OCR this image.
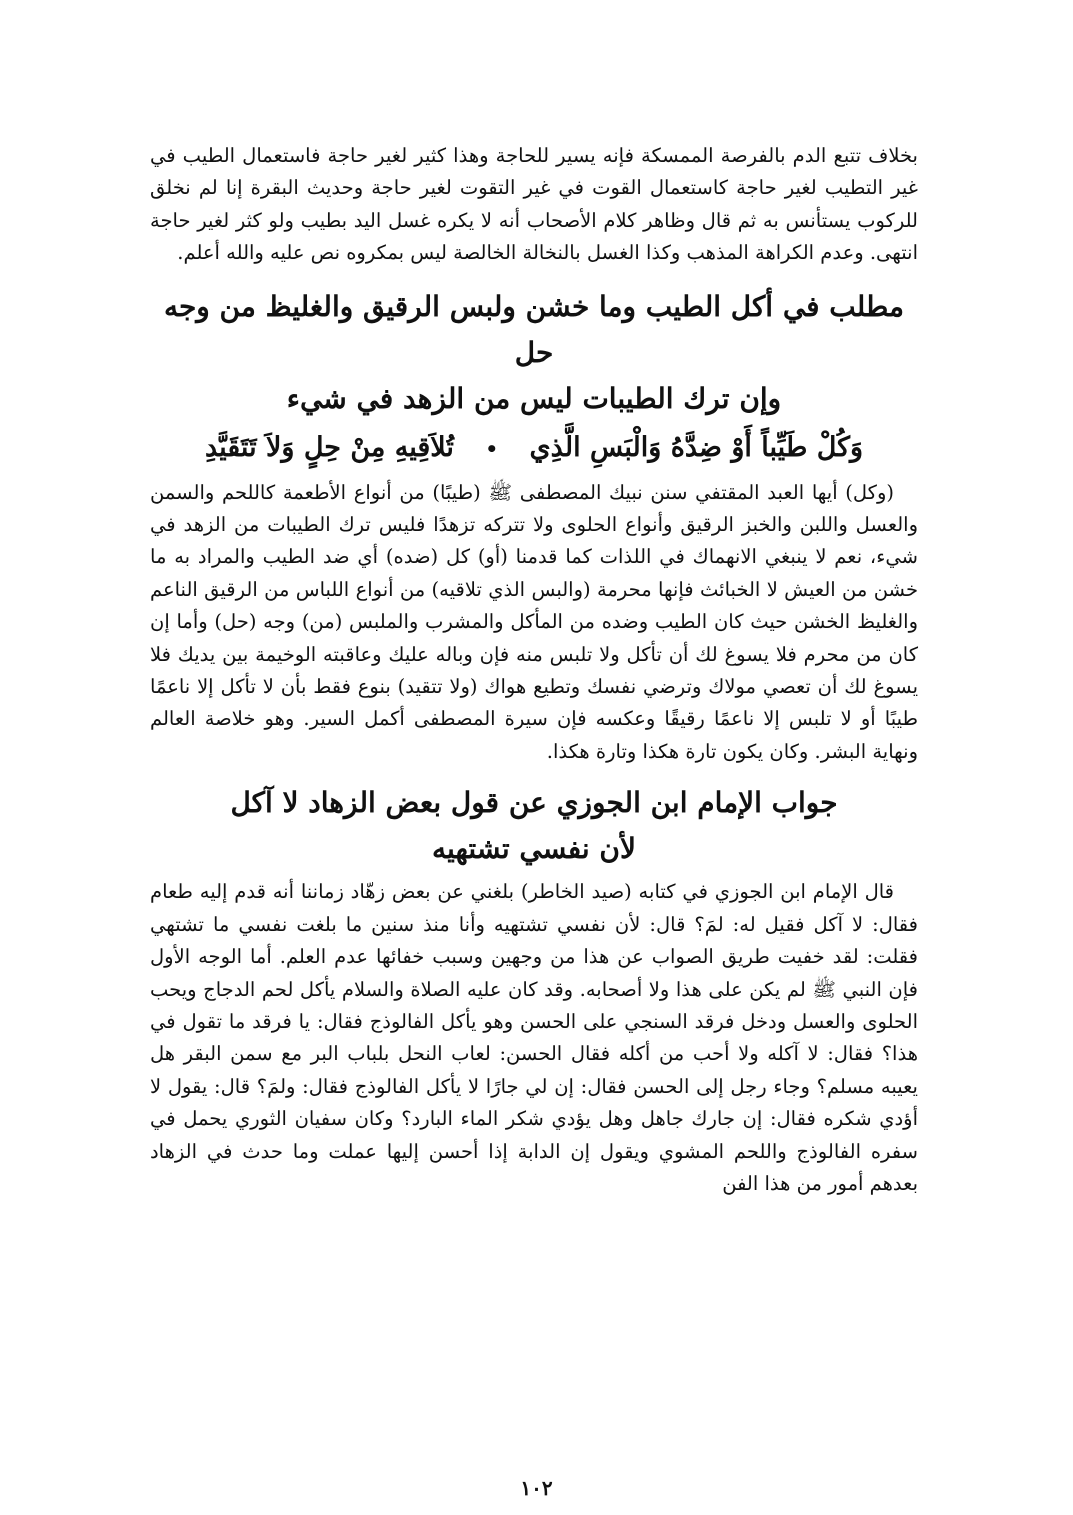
بخلاف تتبع الدم بالفرصة الممسكة فإنه يسير للحاجة وهذا كثير لغير حاجة فاستعمال الطيب في غير التطيب لغير حاجة كاستعمال القوت في غير التقوت لغير حاجة وحديث البقرة إنا لم نخلق للركوب يستأنس به ثم قال وظاهر كلام الأصحاب أنه لا يكره غسل اليد بطيب ولو كثر لغير حاجة انتهى. وعدم الكراهة المذهب وكذا الغسل بالنخالة الخالصة ليس بمكروه نص عليه والله أعلم.

مطلب في أكل الطيب وما خشن ولبس الرقيق والغليظ من وجه حل
وإن ترك الطيبات ليس من الزهد في شيء
وَكُلْ طَيِّباً أَوْ ضِدَّهُ وَالْبَسِ الَّذِي • تُلاَقِيهِ مِنْ حِلٍ وَلاَ تَتَقَيَّدِ

(وكل) أيها العبد المقتفي سنن نبيك المصطفى ﷺ (طيبًا) من أنواع الأطعمة كاللحم والسمن والعسل واللبن والخبز الرقيق وأنواع الحلوى ولا تتركه تزهدًا فليس ترك الطيبات من الزهد في شيء، نعم لا ينبغي الانهماك في اللذات كما قدمنا (أو) كل (ضده) أي ضد الطيب والمراد به ما خشن من العيش لا الخبائث فإنها محرمة (والبس الذي تلاقيه) من أنواع اللباس من الرقيق الناعم والغليظ الخشن حيث كان الطيب وضده من المأكل والمشرب والملبس (من) وجه (حل) وأما إن كان من محرم فلا يسوغ لك أن تأكل ولا تلبس منه فإن وباله عليك وعاقبته الوخيمة بين يديك فلا يسوغ لك أن تعصي مولاك وترضي نفسك وتطيع هواك (ولا تتقيد) بنوع فقط بأن لا تأكل إلا ناعمًا طيبًا أو لا تلبس إلا ناعمًا رقيقًا وعكسه فإن سيرة المصطفى أكمل السير. وهو خلاصة العالم ونهاية البشر. وكان يكون تارة هكذا وتارة هكذا.

جواب الإمام ابن الجوزي عن قول بعض الزهاد لا آكل
لأن نفسي تشتهيه

قال الإمام ابن الجوزي في كتابه (صيد الخاطر) بلغني عن بعض زهّاد زماننا أنه قدم إليه طعام فقال: لا آكل فقيل له: لمَ؟ قال: لأن نفسي تشتهيه وأنا منذ سنين ما بلغت نفسي ما تشتهي فقلت: لقد خفيت طريق الصواب عن هذا من وجهين وسبب خفائها عدم العلم. أما الوجه الأول فإن النبي ﷺ لم يكن على هذا ولا أصحابه. وقد كان عليه الصلاة والسلام يأكل لحم الدجاج ويحب الحلوى والعسل ودخل فرقد السنجي على الحسن وهو يأكل الفالوذج فقال: يا فرقد ما تقول في هذا؟ فقال: لا آكله ولا أحب من أكله فقال الحسن: لعاب النحل بلباب البر مع سمن البقر هل يعيبه مسلم؟ وجاء رجل إلى الحسن فقال: إن لي جارًا لا يأكل الفالوذج فقال: ولمَ؟ قال: يقول لا أؤدي شكره فقال: إن جارك جاهل وهل يؤدي شكر الماء البارد؟ وكان سفيان الثوري يحمل في سفره الفالوذج واللحم المشوي ويقول إن الدابة إذا أحسن إليها عملت وما حدث في الزهاد بعدهم أمور من هذا الفن

١٠٢
